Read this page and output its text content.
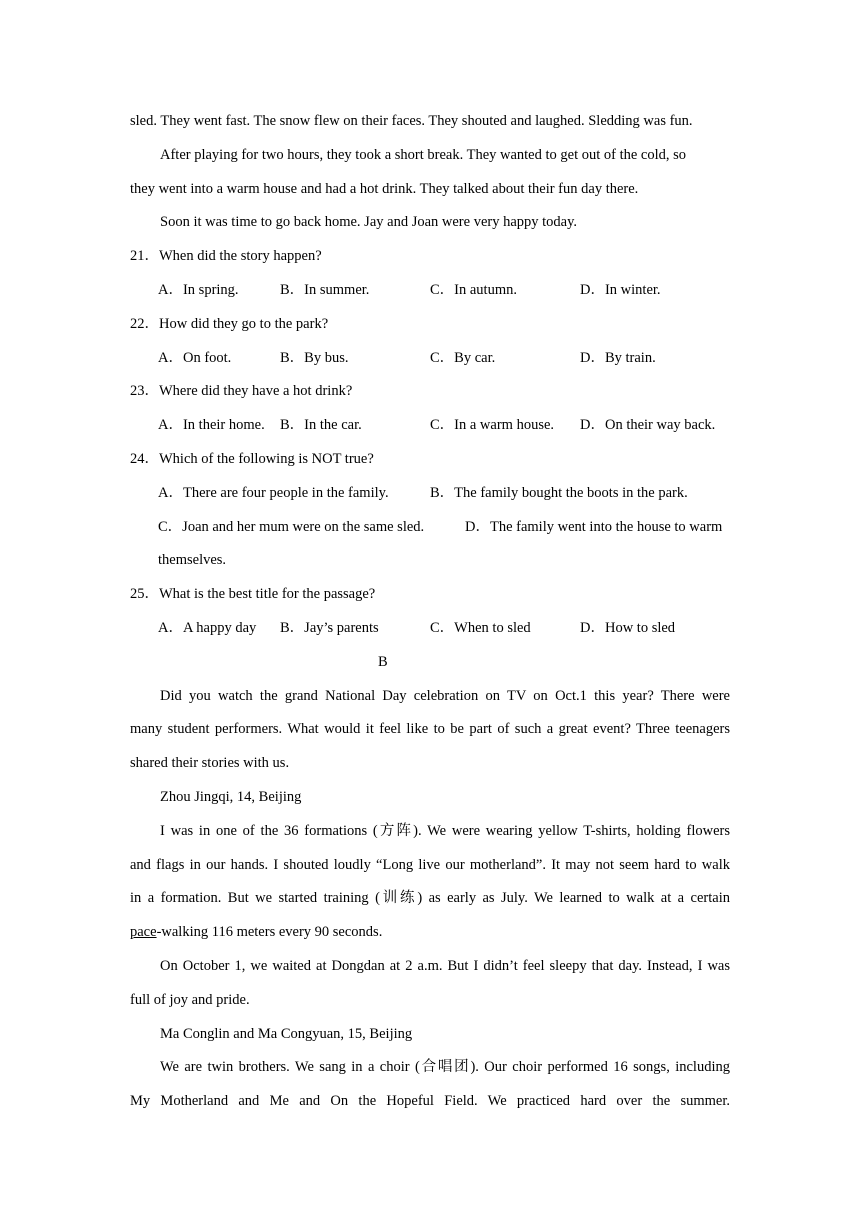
sled. They went fast. The snow flew on their faces. They shouted and laughed. Sledding was fun.
After playing for two hours, they took a short break. They wanted to get out of the cold, so
they went into a warm house and had a hot drink. They talked about their fun day there.
Soon it was time to go back home. Jay and Joan were very happy today.
21．When did the story happen?
A．In spring.	B．In summer.	C．In autumn.	D．In winter.
22．How did they go to the park?
A．On foot.	B．By bus.	C．By car.	D．By train.
23．Where did they have a hot drink?
A．In their home. B．In the car.	C．In a warm house. D．On their way back.
24．Which of the following is NOT true?
A．There are four people in the family.	B．The family bought the boots in the park.
C．Joan and her mum were on the same sled.	D．The family went into the house to warm
themselves.
25．What is the best title for the passage?
A．A happy day B．Jay’s parents	C．When to sled	D．How to sled
B
Did you watch the grand National Day celebration on TV on Oct.1 this year? There were
many student performers. What would it feel like to be part of such a great event? Three teenagers
shared their stories with us.
Zhou Jingqi, 14, Beijing
I was in one of the 36 formations (方阵). We were wearing yellow T-shirts, holding flowers
and flags in our hands. I shouted loudly “Long live our motherland”. It may not seem hard to walk
in a formation. But we started training (训练) as early as July. We learned to walk at a certain
pace-walking 116 meters every 90 seconds.
On October 1, we waited at Dongdan at 2 a.m. But I didn’t feel sleepy that day. Instead, I was
full of joy and pride.
Ma Conglin and Ma Congyuan, 15, Beijing
We are twin brothers. We sang in a choir (合唱团). Our choir performed 16 songs, including
My Motherland and Me and On the Hopeful Field. We practiced hard over the summer.
